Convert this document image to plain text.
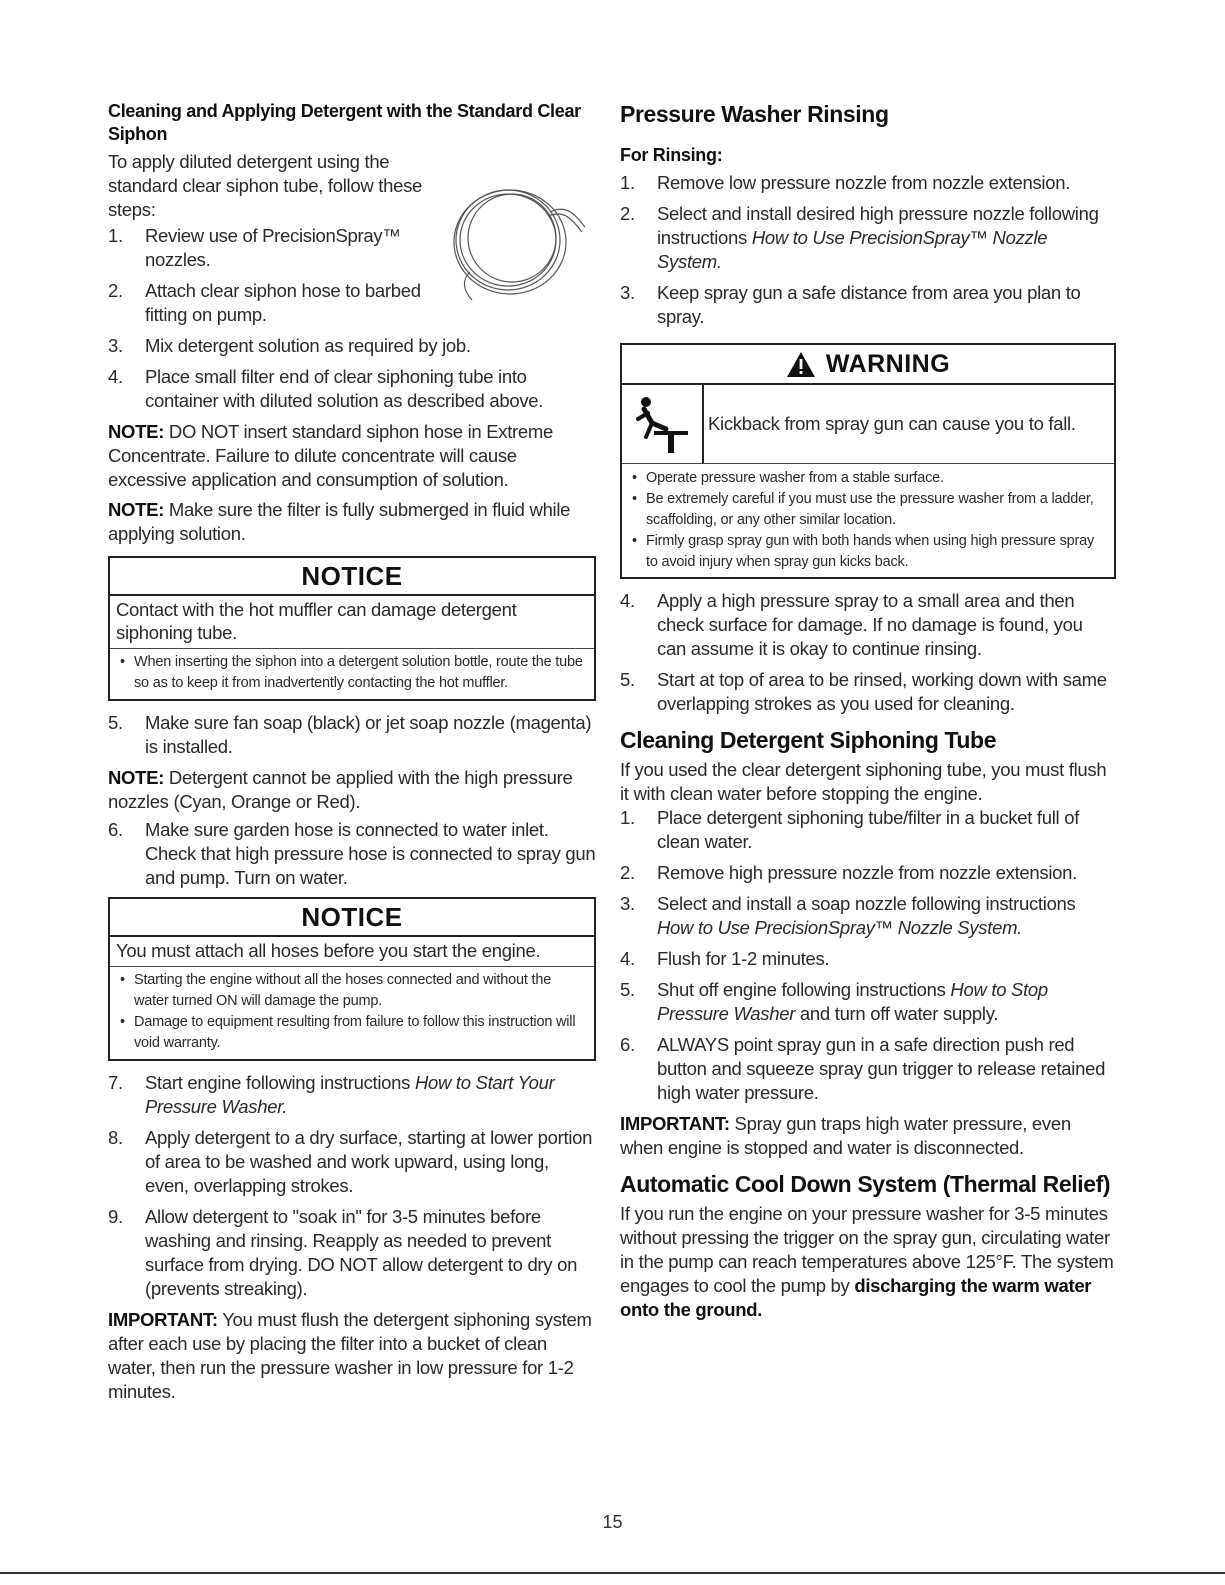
Cleaning and Applying Detergent with the Standard Clear Siphon

To apply diluted detergent using the standard clear siphon tube, follow these steps:

1. Review use of PrecisionSpray™ nozzles.
2. Attach clear siphon hose to barbed fitting on pump.
3. Mix detergent solution as required by job.
4. Place small filter end of clear siphoning tube into container with diluted solution as described above.

NOTE: DO NOT insert standard siphon hose in Extreme Concentrate. Failure to dilute concentrate will cause excessive application and consumption of solution.

NOTE: Make sure the filter is fully submerged in fluid while applying solution.

NOTICE
Contact with the hot muffler can damage detergent siphoning tube.
• When inserting the siphon into a detergent solution bottle, route the tube so as to keep it from inadvertently contacting the hot muffler.
5. Make sure fan soap (black) or jet soap nozzle (magenta) is installed.

NOTE: Detergent cannot be applied with the high pressure nozzles (Cyan, Orange or Red).

6. Make sure garden hose is connected to water inlet. Check that high pressure hose is connected to spray gun and pump. Turn on water.
NOTICE
You must attach all hoses before you start the engine.
• Starting the engine without all the hoses connected and without the water turned ON will damage the pump.
• Damage to equipment resulting from failure to follow this instruction will void warranty.
7. Start engine following instructions How to Start Your Pressure Washer.
8. Apply detergent to a dry surface, starting at lower portion of area to be washed and work upward, using long, even, overlapping strokes.
9. Allow detergent to "soak in" for 3-5 minutes before washing and rinsing. Reapply as needed to prevent surface from drying. DO NOT allow detergent to dry on (prevents streaking).

IMPORTANT: You must flush the detergent siphoning system after each use by placing the filter into a bucket of clean water, then run the pressure washer in low pressure for 1-2 minutes.

Pressure Washer Rinsing
For Rinsing:
1. Remove low pressure nozzle from nozzle extension.
2. Select and install desired high pressure nozzle following instructions How to Use PrecisionSpray™ Nozzle System.
3. Keep spray gun a safe distance from area you plan to spray.
WARNING
Kickback from spray gun can cause you to fall.
• Operate pressure washer from a stable surface.
• Be extremely careful if you must use the pressure washer from a ladder, scaffolding, or any other similar location.
• Firmly grasp spray gun with both hands when using high pressure spray to avoid injury when spray gun kicks back.
4. Apply a high pressure spray to a small area and then check surface for damage. If no damage is found, you can assume it is okay to continue rinsing.
5. Start at top of area to be rinsed, working down with same overlapping strokes as you used for cleaning.
Cleaning Detergent Siphoning Tube

If you used the clear detergent siphoning tube, you must flush it with clean water before stopping the engine.

1. Place detergent siphoning tube/filter in a bucket full of clean water.
2. Remove high pressure nozzle from nozzle extension.
3. Select and install a soap nozzle following instructions How to Use PrecisionSpray™ Nozzle System.
4. Flush for 1-2 minutes.
5. Shut off engine following instructions How to Stop Pressure Washer and turn off water supply.
6. ALWAYS point spray gun in a safe direction push red button and squeeze spray gun trigger to release retained high water pressure.

IMPORTANT: Spray gun traps high water pressure, even when engine is stopped and water is disconnected.

Automatic Cool Down System (Thermal Relief)

If you run the engine on your pressure washer for 3-5 minutes without pressing the trigger on the spray gun, circulating water in the pump can reach temperatures above 125°F. The system engages to cool the pump by discharging the warm water onto the ground.

15
